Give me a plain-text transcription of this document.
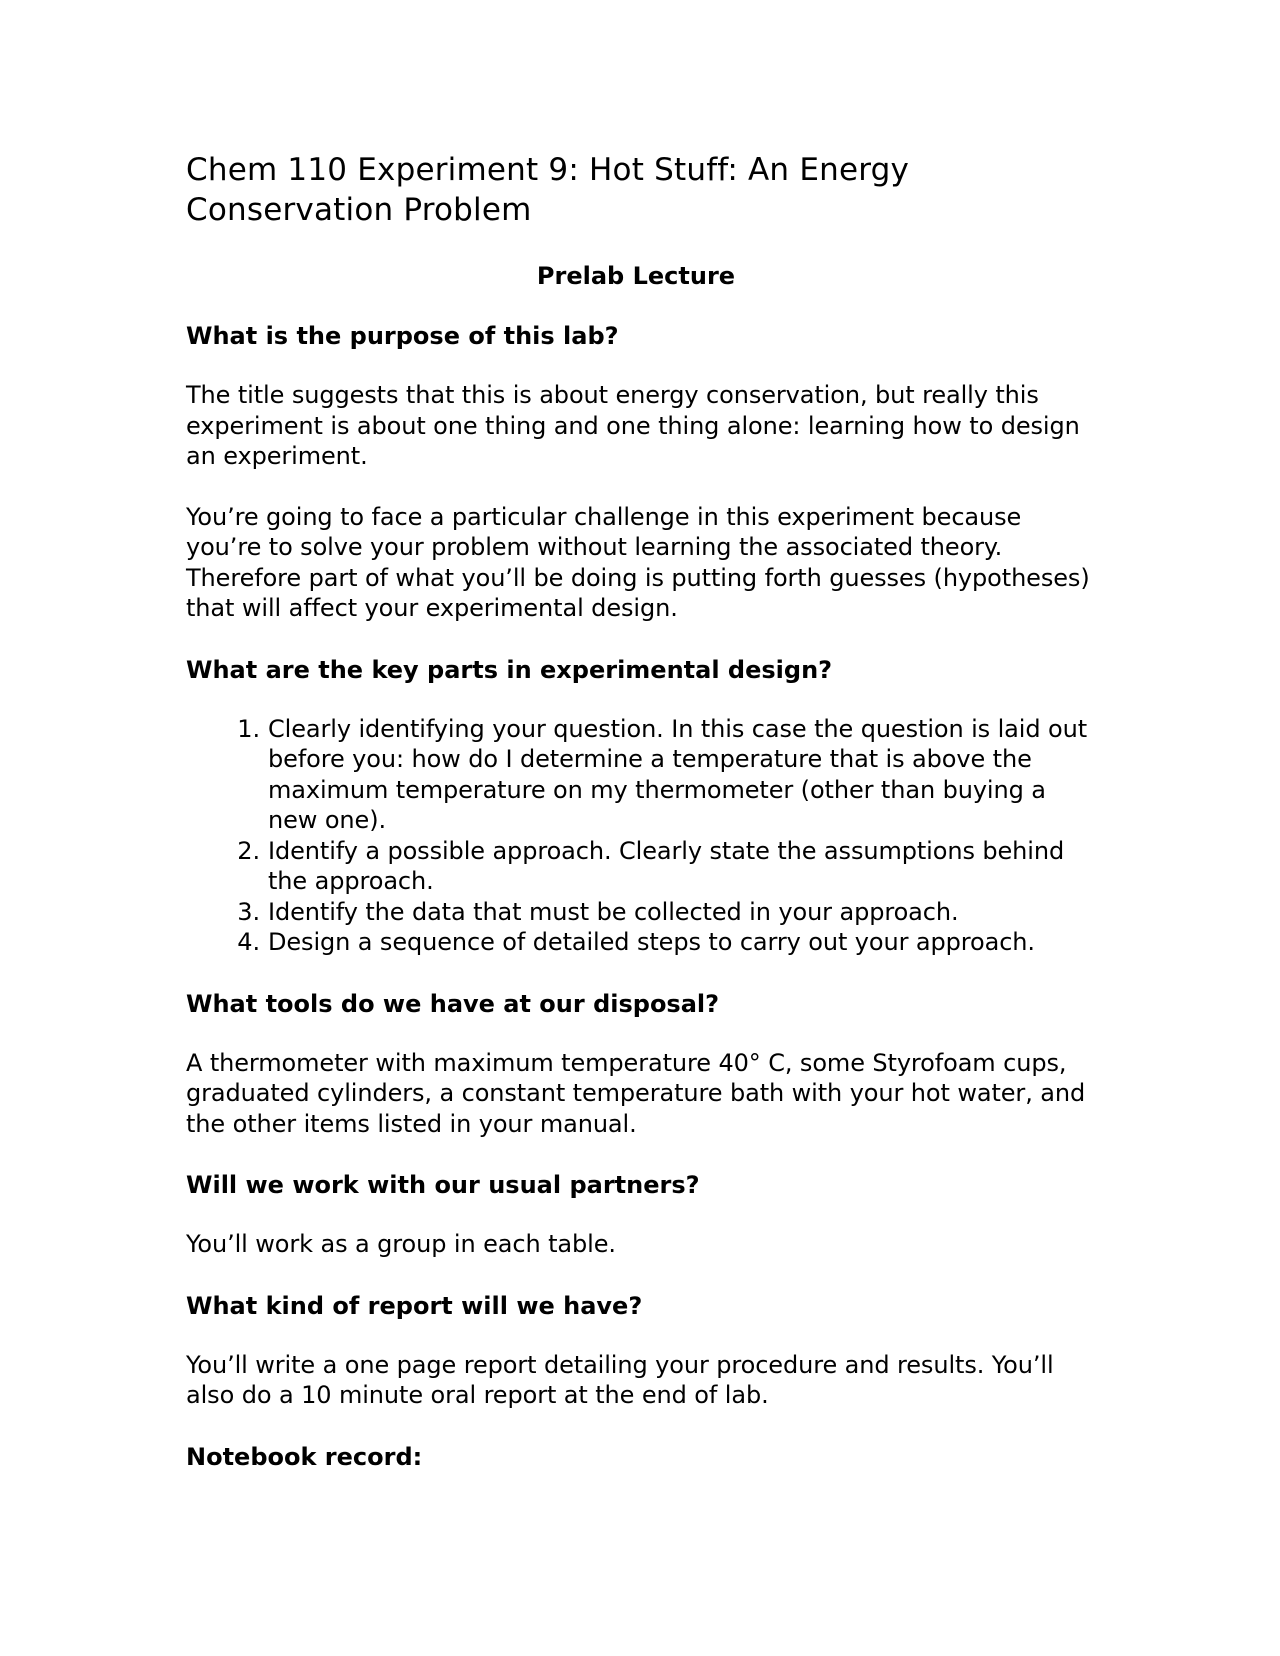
Chem 110 Experiment 9: Hot Stuff: An Energy Conservation Problem
Prelab Lecture
What is the purpose of this lab?

The title suggests that this is about energy conservation, but really this experiment is about one thing and one thing alone: learning how to design an experiment.

You’re going to face a particular challenge in this experiment because you’re to solve your problem without learning the associated theory. Therefore part of what you’ll be doing is putting forth guesses (hypotheses) that will affect your experimental design.

What are the key parts in experimental design?
1. Clearly identifying your question. In this case the question is laid out before you: how do I determine a temperature that is above the maximum temperature on my thermometer (other than buying a new one).
2. Identify a possible approach. Clearly state the assumptions behind the approach.
3. Identify the data that must be collected in your approach.
4. Design a sequence of detailed steps to carry out your approach.
What tools do we have at our disposal?

A thermometer with maximum temperature 40° C, some Styrofoam cups, graduated cylinders, a constant temperature bath with your hot water, and the other items listed in your manual.

Will we work with our usual partners?

You’ll work as a group in each table.

What kind of report will we have?

You’ll write a one page report detailing your procedure and results. You’ll also do a 10 minute oral report at the end of lab.

Notebook record:
